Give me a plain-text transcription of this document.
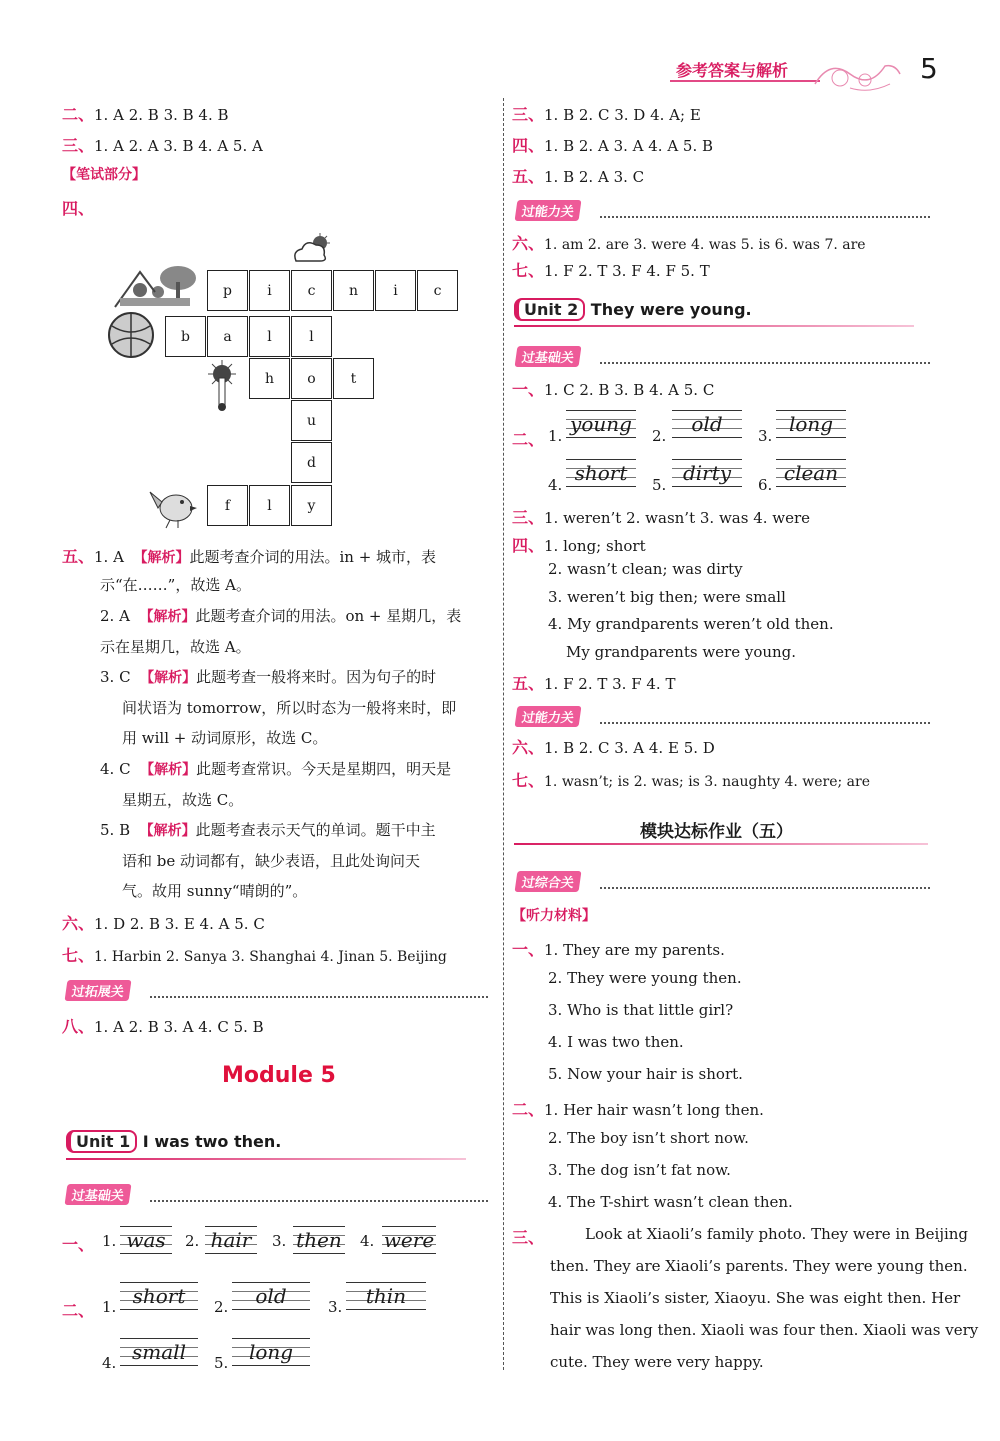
参考答案与解析	5
二、1. A 2. B 3. B 4. B
三、1. A 2. A 3. B 4. A 5. A
【笔试部分】
四、
p	i	c	n	i	c
b	a	l	l
h	o	t
u
d
f	l	y
五、1. A 【解析】此题考查介词的用法。in + 城市，表
示“在……”，故选 A。
2. A 【解析】此题考查介词的用法。on + 星期几，表
示在星期几，故选 A。
3. C 【解析】此题考查一般将来时。因为句子的时
间状语为 tomorrow，所以时态为一般将来时，即
用 will + 动词原形，故选 C。
4. C 【解析】此题考查常识。今天是星期四，明天是
星期五，故选 C。
5. B 【解析】此题考查表示天气的单词。题干中主
语和 be 动词都有，缺少表语，且此处询问天
气。故用 sunny“晴朗的”。
六、1. D 2. B 3. E 4. A 5. C
七、1. Harbin 2. Sanya 3. Shanghai 4. Jinan 5. Beijing
过拓展关
八、1. A 2. B 3. A 4. C 5. B
Module 5
Unit 1 I was two then.
过基础关
一、 1. was	2. hair	3. then 4. were
二、 1. short	2.	old	3.	thin
4. small	5.	long
三、1. B 2. C 3. D 4. A; E
四、1. B 2. A 3. A 4. A 5. B
五、1. B 2. A 3. C
过能力关
六、1. am 2. are 3. were 4. was 5. is 6. was 7. are
七、1. F 2. T 3. F 4. F 5. T
Unit 2 They were young.
过基础关
一、1. C 2. B 3. B 4. A 5. C
二、 1. young 2.	old	3. long
4. short	5. dirty	6. clean
三、1. weren’t 2. wasn’t 3. was 4. were
四、1. long; short
2. wasn’t clean; was dirty
3. weren’t big then; were small
4. My grandparents weren’t old then.
My grandparents were young.
五、1. F 2. T 3. F 4. T
过能力关
六、1. B 2. C 3. A 4. E 5. D
七、1. wasn’t; is 2. was; is 3. naughty 4. were; are
模块达标作业（五）
过综合关
【听力材料】
一、1. They are my parents.
2. They were young then.
3. Who is that little girl?
4. I was two then.
5. Now your hair is short.
二、1. Her hair wasn’t long then.
2. The boy isn’t short now.
3. The dog isn’t fat now.
4. The T-shirt wasn’t clean then.
三、	Look at Xiaoli’s family photo. They were in Beijing
then. They are Xiaoli’s parents. They were young then.
This is Xiaoli’s sister, Xiaoyu. She was eight then. Her
hair was long then. Xiaoli was four then. Xiaoli was very
cute. They were very happy.
